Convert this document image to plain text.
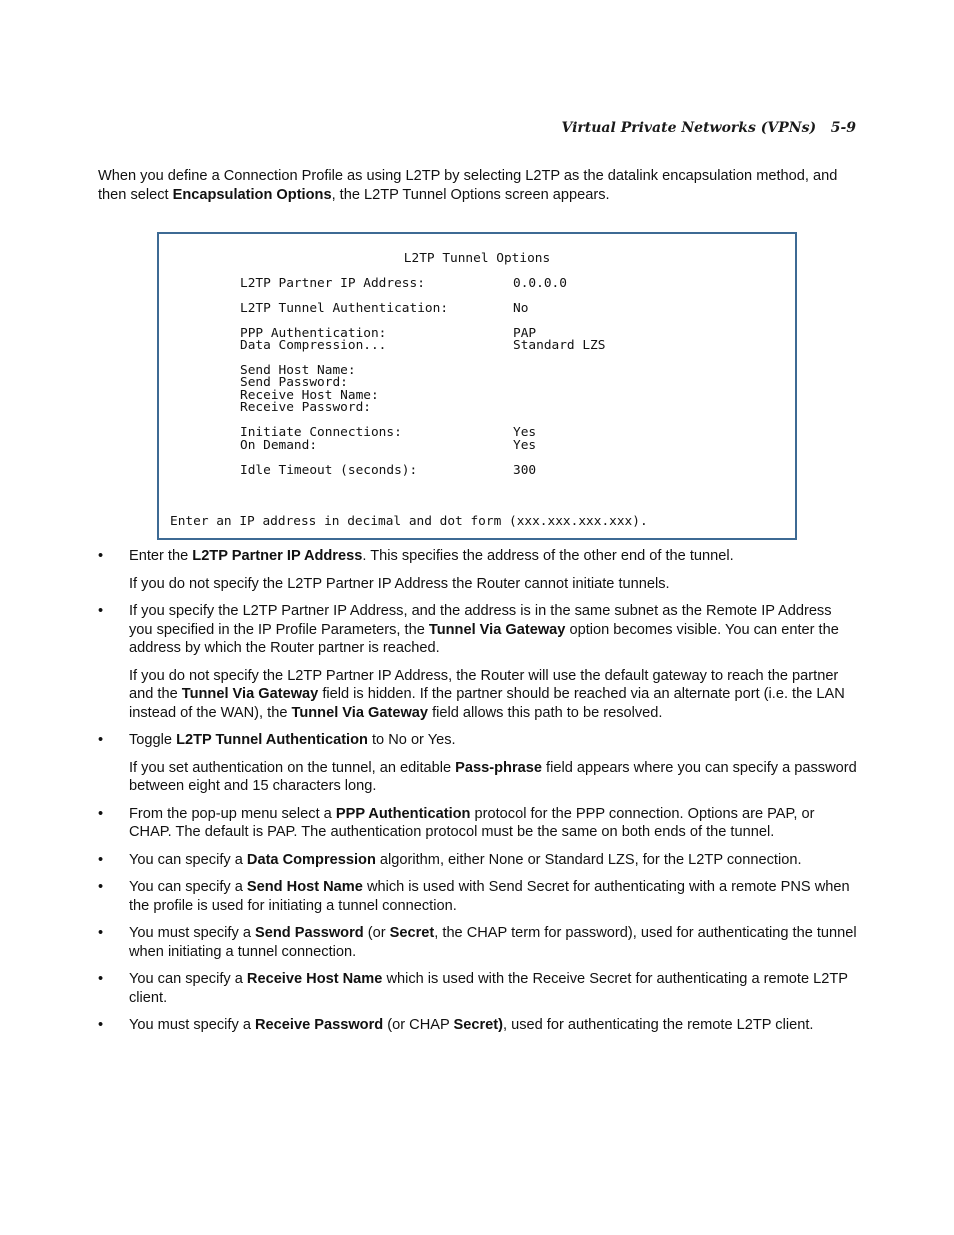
Virtual Private Networks (VPNs) 5-9

When you define a Connection Profile as using L2TP by selecting L2TP as the datalink encapsulation method, and then select Encapsulation Options, the L2TP Tunnel Options screen appears.

L2TP Tunnel Options
L2TP Partner IP Address:	0.0.0.0
L2TP Tunnel Authentication:	No
PPP Authentication:	PAP
Data Compression...	Standard LZS
Send Host Name:
Send Password:
Receive Host Name:
Receive Password:
Initiate Connections:	Yes
On Demand:	Yes
Idle Timeout (seconds):	300
Enter an IP address in decimal and dot form (xxx.xxx.xxx.xxx).
•	Enter the L2TP Partner IP Address. This specifies the address of the other end of the tunnel.

If you do not specify the L2TP Partner IP Address the Router cannot initiate tunnels.

•	If you specify the L2TP Partner IP Address, and the address is in the same subnet as the Remote IP Address you specified in the IP Profile Parameters, the Tunnel Via Gateway option becomes visible. You can enter the address by which the Router partner is reached.

If you do not specify the L2TP Partner IP Address, the Router will use the default gateway to reach the partner and the Tunnel Via Gateway field is hidden. If the partner should be reached via an alternate port (i.e. the LAN instead of the WAN), the Tunnel Via Gateway field allows this path to be resolved.

•	Toggle L2TP Tunnel Authentication to No or Yes.

If you set authentication on the tunnel, an editable Pass-phrase field appears where you can specify a password between eight and 15 characters long.

•	From the pop-up menu select a PPP Authentication protocol for the PPP connection. Options are PAP, or CHAP. The default is PAP. The authentication protocol must be the same on both ends of the tunnel.

•	You can specify a Data Compression algorithm, either None or Standard LZS, for the L2TP connection.

•	You can specify a Send Host Name which is used with Send Secret for authenticating with a remote PNS when the profile is used for initiating a tunnel connection.

•	You must specify a Send Password (or Secret, the CHAP term for password), used for authenticating the tunnel when initiating a tunnel connection.

•	You can specify a Receive Host Name which is used with the Receive Secret for authenticating a remote L2TP client.

•	You must specify a Receive Password (or CHAP Secret), used for authenticating the remote L2TP client.
